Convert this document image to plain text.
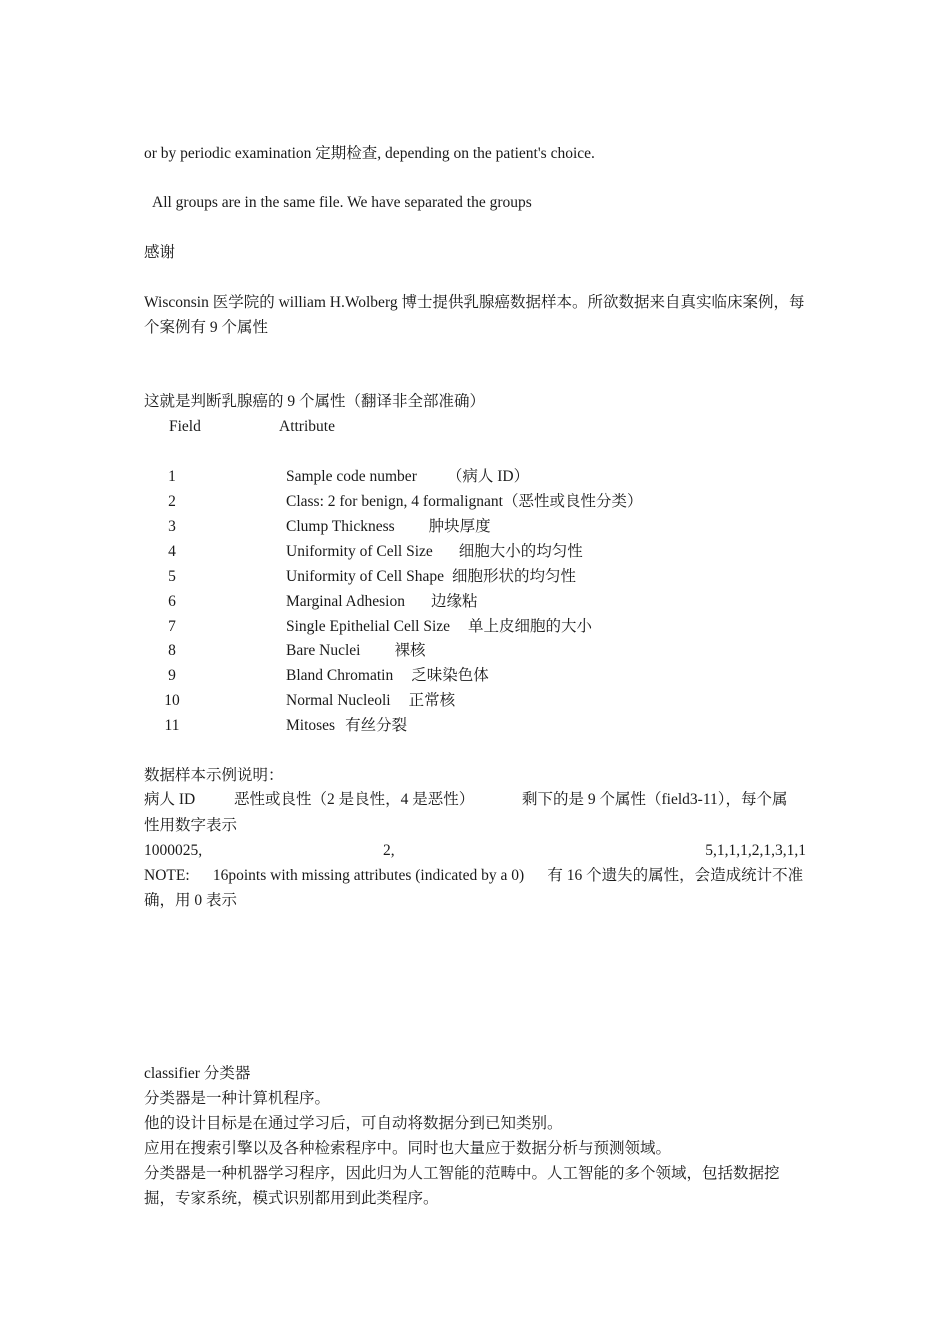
or by periodic examination 定期检查, depending on the patient's choice.
All groups are in the same file. We have separated the groups
感谢
Wisconsin 医学院的 william H.Wolberg 博士提供乳腺癌数据样本。所欲数据来自真实临床案例，每个案例有 9 个属性
这就是判断乳腺癌的 9 个属性（翻译非全部准确）
Field	Attribute
1	Sample code number （病人 ID）
2	Class: 2 for benign, 4 formalignant（恶性或良性分类）
3	Clump Thickness 肿块厚度
4	Uniformity of Cell Size 细胞大小的均匀性
5	Uniformity of Cell Shape 细胞形状的均匀性
6	Marginal Adhesion 边缘粘
7	Single Epithelial Cell Size 单上皮细胞的大小
8	Bare Nuclei 裸核
9	Bland Chromatin 乏味染色体
10	Normal Nucleoli 正常核
11	Mitoses 有丝分裂
数据样本示例说明：
病人 ID	恶性或良性（2 是良性，4 是恶性）	剩下的是 9 个属性（field3-11），每个属
性用数字表示
1000025,	2,	5,1,1,1,2,1,3,1,1
NOTE:      16points with missing attributes (indicated by a 0)      有 16 个遗失的属性，会造成统计不准确，用 0 表示
classifier 分类器
分类器是一种计算机程序。
他的设计目标是在通过学习后，可自动将数据分到已知类别。
应用在搜索引擎以及各种检索程序中。同时也大量应于数据分析与预测领域。
分类器是一种机器学习程序，因此归为人工智能的范畴中。人工智能的多个领域，包括数据挖掘，专家系统，模式识别都用到此类程序。
